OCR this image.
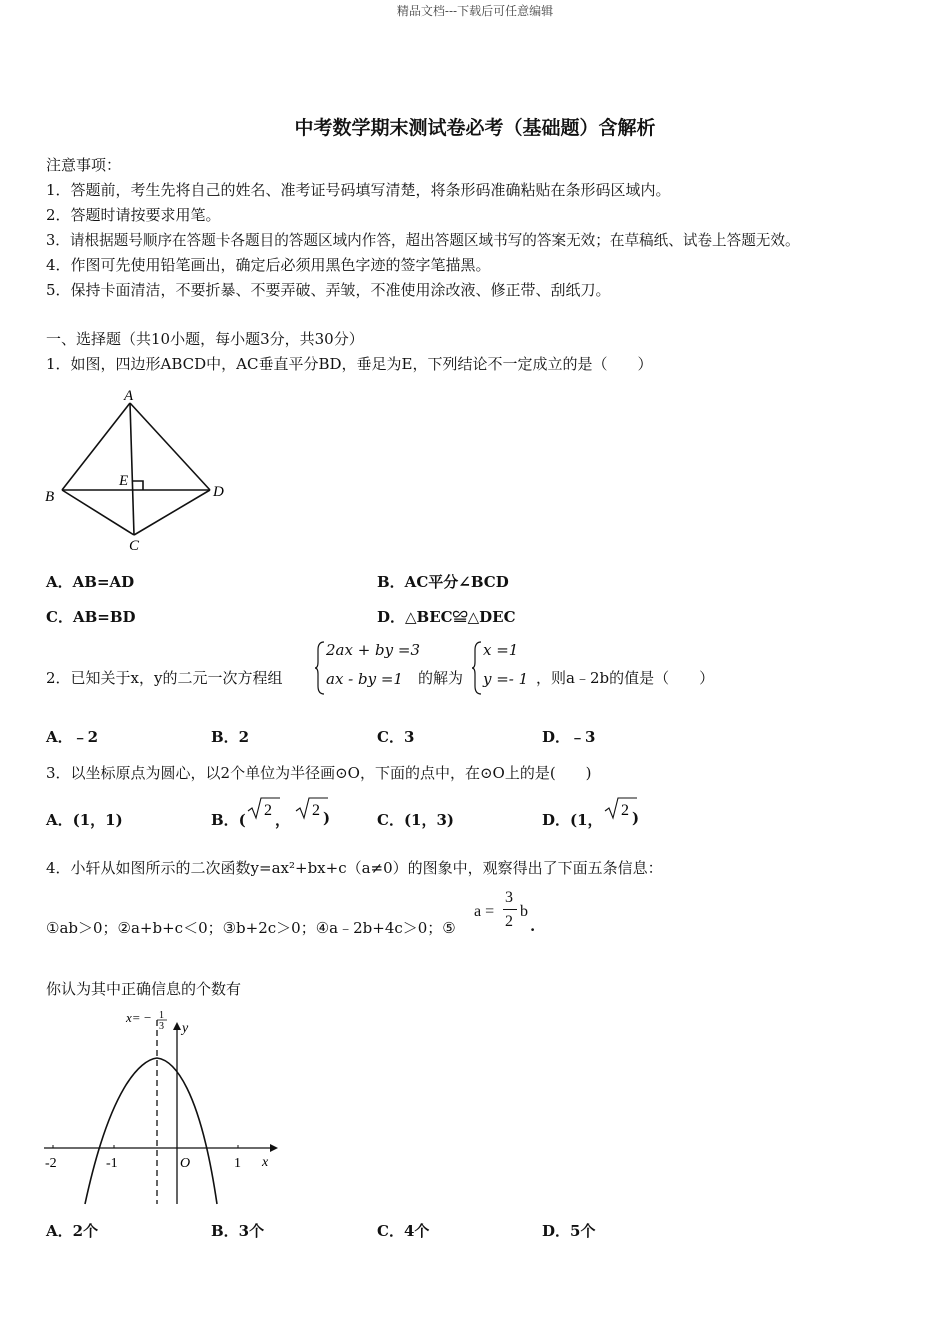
精品文档---下载后可任意编辑
中考数学期末测试卷必考（基础题）含解析
注意事项：
1．答题前，考生先将自己的姓名、准考证号码填写清楚，将条形码准确粘贴在条形码区域内。
2．答题时请按要求用笔。
3．请根据题号顺序在答题卡各题目的答题区域内作答，超出答题区域书写的答案无效；在草稿纸、试卷上答题无效。
4．作图可先使用铅笔画出，确定后必须用黑色字迹的签字笔描黑。
5．保持卡面清洁，不要折暴、不要弄破、弄皱，不准使用涂改液、修正带、刮纸刀。
一、选择题（共10小题，每小题3分，共30分）
1．如图，四边形ABCD中，AC垂直平分BD，垂足为E，下列结论不一定成立的是（　　）
A
B
C
D
E
A．AB=AD	B．AC平分∠BCD
C．AB=BD	D．△BEC≌△DEC
2．已知关于x，y的二元一次方程组
2ax + by =3
ax - by =1 的解为
x =1
y =- 1 ，则a﹣2b的值是（　　）
A．﹣2	B．2	C．3	D．﹣3
3．以坐标原点为圆心，以2个单位为半径画⊙O，下面的点中，在⊙O上的是(　　)
A．(1，1)	B．(
2
，
2 )	C．(1，3)	D．(1，
2 )
4．小轩从如图所示的二次函数y=ax²+bx+c（a≠0）的图象中，观察得出了下面五条信息：
①ab＞0；②a+b+c＜0；③b+2c＞0；④a﹣2b+4c＞0；⑤
a =
3
2
b
.
你认为其中正确信息的个数有
x= − 1
3 y
x
-2	-1	O	1
A．2个	B．3个	C．4个	D．5个
